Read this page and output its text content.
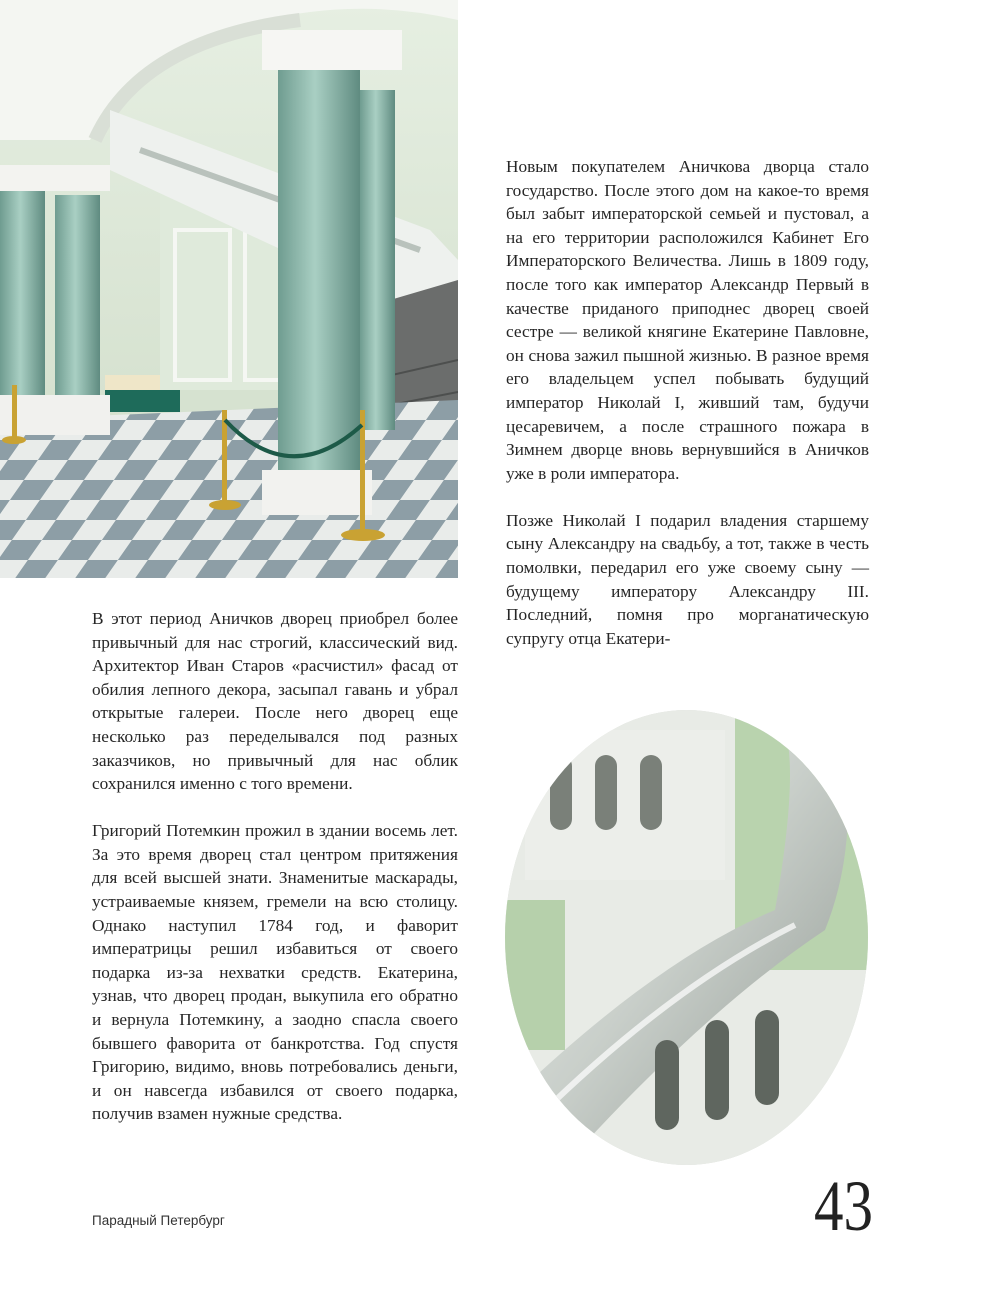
Новым покупателем Аничкова дворца стало государство. После этого дом на какое-то время был забыт императорской семьей и пустовал, а на его территории расположился Кабинет Его Императорского Величества. Лишь в 1809 году, после того как император Александр Первый в качестве приданого приподнес дворец своей сестре — великой княгине Екатерине Павловне, он снова зажил пышной жизнью. В разное время его владельцем успел побывать будущий император Николай I, живший там, будучи цесаревичем, а после страшного пожара в Зимнем дворце вновь вернувшийся в Аничков уже в роли императора.

Позже Николай I подарил владения старшему сыну Александру на свадьбу, а тот, также в честь помолвки, передарил его уже своему сыну — будущему императору Александру III. Последний, помня про морганатическую супругу отца Екатери-

В этот период Аничков дворец приобрел более привычный для нас строгий, классический вид. Архитектор Иван Старов «расчистил» фасад от обилия лепного декора, засыпал гавань и убрал открытые галереи. После него дворец еще несколько раз переделывался под разных заказчиков, но привычный для нас облик сохранился именно с того времени.

Григорий Потемкин прожил в здании восемь лет. За это время дворец стал центром притяжения для всей высшей знати. Знаменитые маскарады, устраиваемые князем, гремели на всю столицу. Однако наступил 1784 год, и фаворит императрицы решил избавиться от своего подарка из-за нехватки средств. Екатерина, узнав, что дворец продан, выкупила его обратно и вернула Потемкину, а заодно спасла своего бывшего фаворита от банкротства. Год спустя Григорию, видимо, вновь потребовались деньги, и он навсегда избавился от своего подарка, получив взамен нужные средства.

Парадный Петербург	43
